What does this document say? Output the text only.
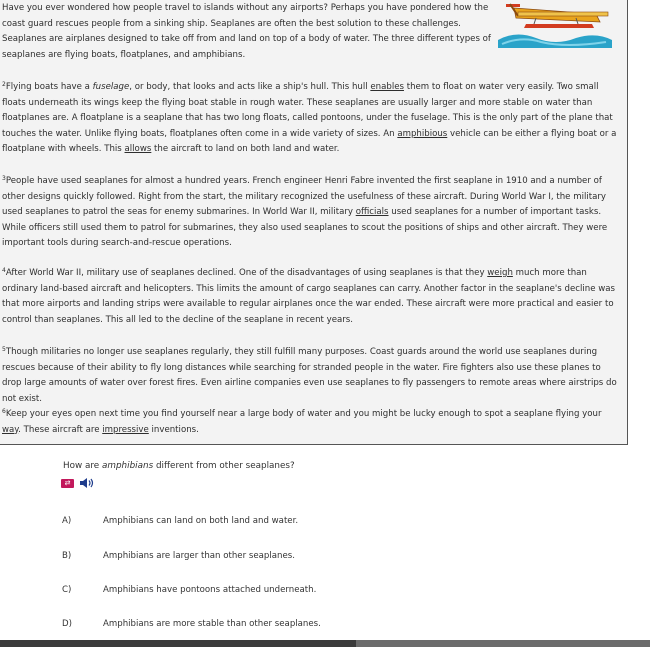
Have you ever wondered how people travel to islands without any airports? Perhaps you have pondered how the coast guard rescues people from a sinking ship. Seaplanes are often the best solution to these challenges. Seaplanes are airplanes designed to take off from and land on top of a body of water. The three different types of seaplanes are flying boats, floatplanes, and amphibians.

$^2$Flying boats have a fuselage, or body, that looks and acts like a ship's hull. This hull enables them to float on water very easily. Two small floats underneath its wings keep the flying boat stable in rough water. These seaplanes are usually larger and more stable on water than floatplanes are. A floatplane is a seaplane that has two long floats, called pontoons, under the fuselage. This is the only part of the plane that touches the water. Unlike flying boats, floatplanes often come in a wide variety of sizes. An amphibious vehicle can be either a flying boat or a floatplane with wheels. This allows the aircraft to land on both land and water.

$^3$People have used seaplanes for almost a hundred years. French engineer Henri Fabre invented the first seaplane in 1910 and a number of other designs quickly followed. Right from the start, the military recognized the usefulness of these aircraft. During World War I, the military used seaplanes to patrol the seas for enemy submarines. In World War II, military officials used seaplanes for a number of important tasks. While officers still used them to patrol for submarines, they also used seaplanes to scout the positions of ships and other aircraft. They were important tools during search-and-rescue operations.

$^4$After World War II, military use of seaplanes declined. One of the disadvantages of using seaplanes is that they weigh much more than ordinary land-based aircraft and helicopters. This limits the amount of cargo seaplanes can carry. Another factor in the seaplane's decline was that more airports and landing strips were available to regular airplanes once the war ended. These aircraft were more practical and easier to control than seaplanes. This all led to the decline of the seaplane in recent years.

$^5$Though militaries no longer use seaplanes regularly, they still fulfill many purposes. Coast guards around the world use seaplanes during rescues because of their ability to fly long distances while searching for stranded people in the water. Fire fighters also use these planes to drop large amounts of water over forest fires. Even airline companies even use seaplanes to fly passengers to remote areas where airstrips do not exist.

$^6$Keep your eyes open next time you find yourself near a large body of water and you might be lucky enough to spot a seaplane flying your way. These aircraft are impressive inventions.

How are amphibians different from other seaplanes?
⇄
A)	Amphibians can land on both land and water.
B)	Amphibians are larger than other seaplanes.
C)	Amphibians have pontoons attached underneath.
D)	Amphibians are more stable than other seaplanes.
